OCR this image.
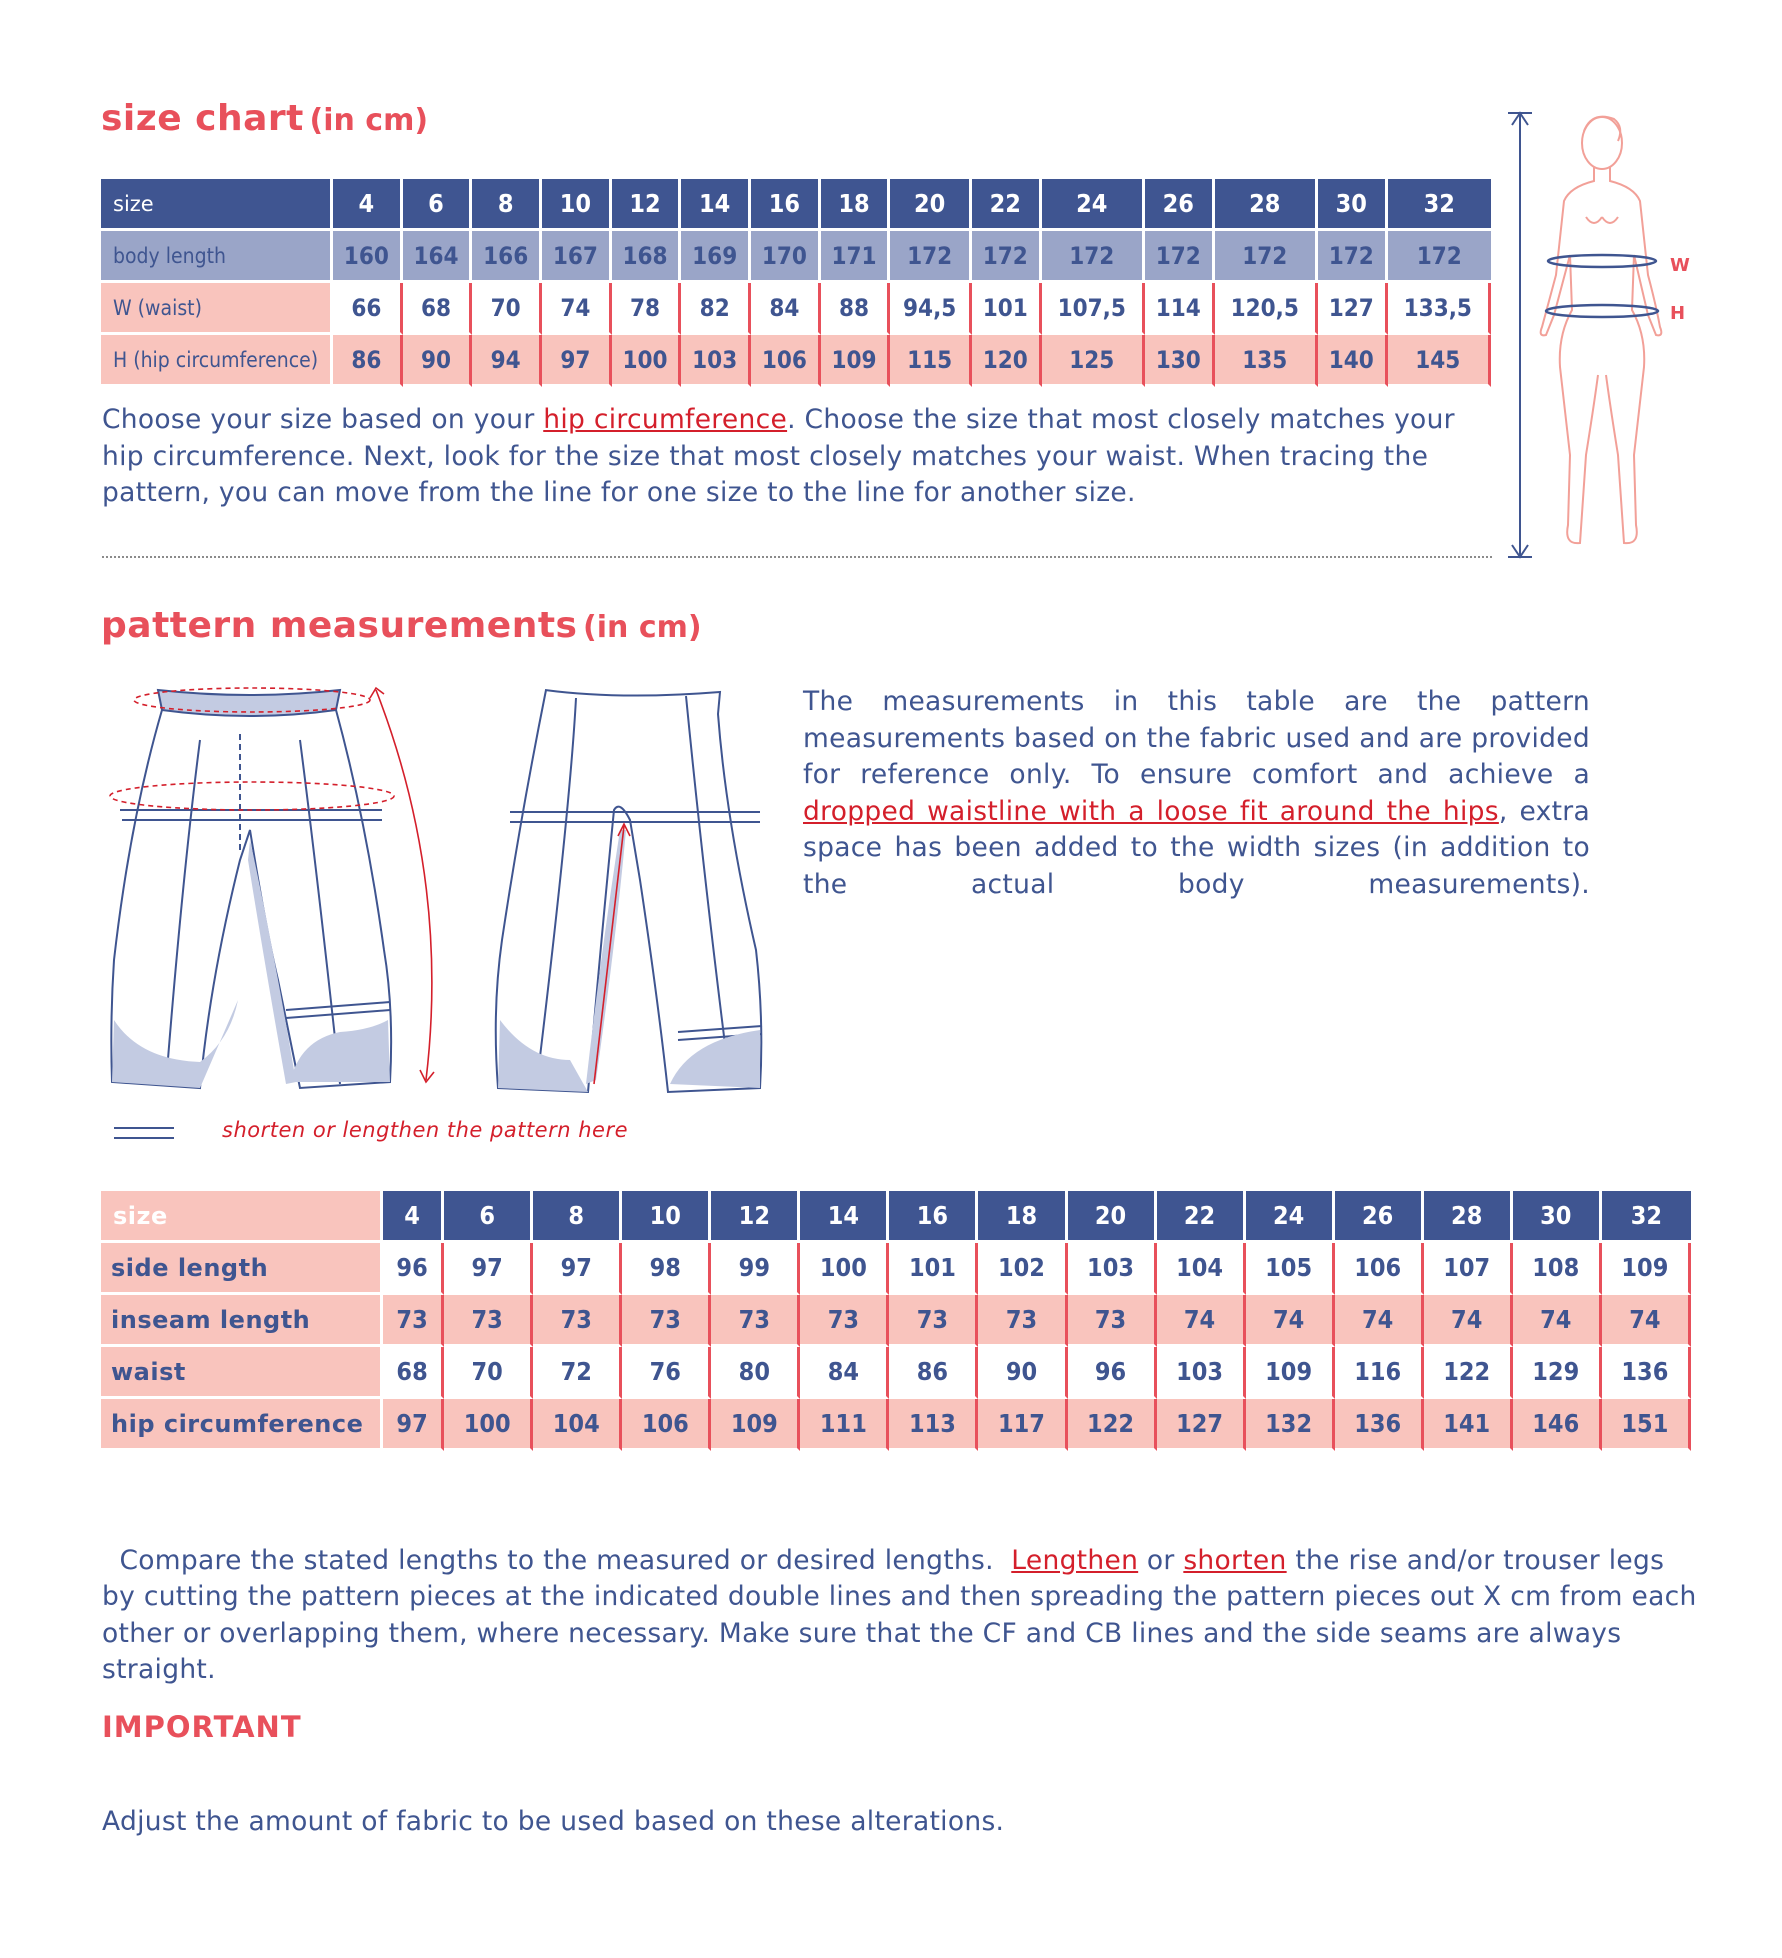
size chart (in cm)
size	4	6	8	10	12	14	16	18	20	22	24	26	28	30	32
body length	160	164	166	167	168	169	170	171	172	172	172	172	172	172	172
W (waist)	66	68	70	74	78	82	84	88	94,5	101	107,5	114	120,5	127	133,5
H (hip circumference)	86	90	94	97	100	103	106	109	115	120	125	130	135	140	145
Choose your size based on your hip circumference. Choose the size that most closely matches your hip circumference. Next, look for the size that most closely matches your waist. When tracing the pattern, you can move from the line for one size to the line for another size.
W
H
pattern measurements (in cm)
shorten or lengthen the pattern here
The measurements in this table are the pattern measurements based on the fabric used and are provided for reference only. To ensure comfort and achieve a dropped waistline with a loose fit around the hips, extra space has been added to the width sizes (in addition to the actual body measurements).
size	4	6	8	10	12	14	16	18	20	22	24	26	28	30	32
side length	96	97	97	98	99	100	101	102	103	104	105	106	107	108	109
inseam length	73	73	73	73	73	73	73	73	73	74	74	74	74	74	74
waist	68	70	72	76	80	84	86	90	96	103	109	116	122	129	136
hip circumference	97	100	104	106	109	111	113	117	122	127	132	136	141	146	151

Compare the stated lengths to the measured or desired lengths.  Lengthen or shorten the rise and/or trouser legs by cutting the pattern pieces at the indicated double lines and then spreading the pattern pieces out X cm from each other or overlapping them, where necessary. Make sure that the CF and CB lines and the side seams are always straight.

IMPORTANT
Adjust the amount of fabric to be used based on these alterations.
